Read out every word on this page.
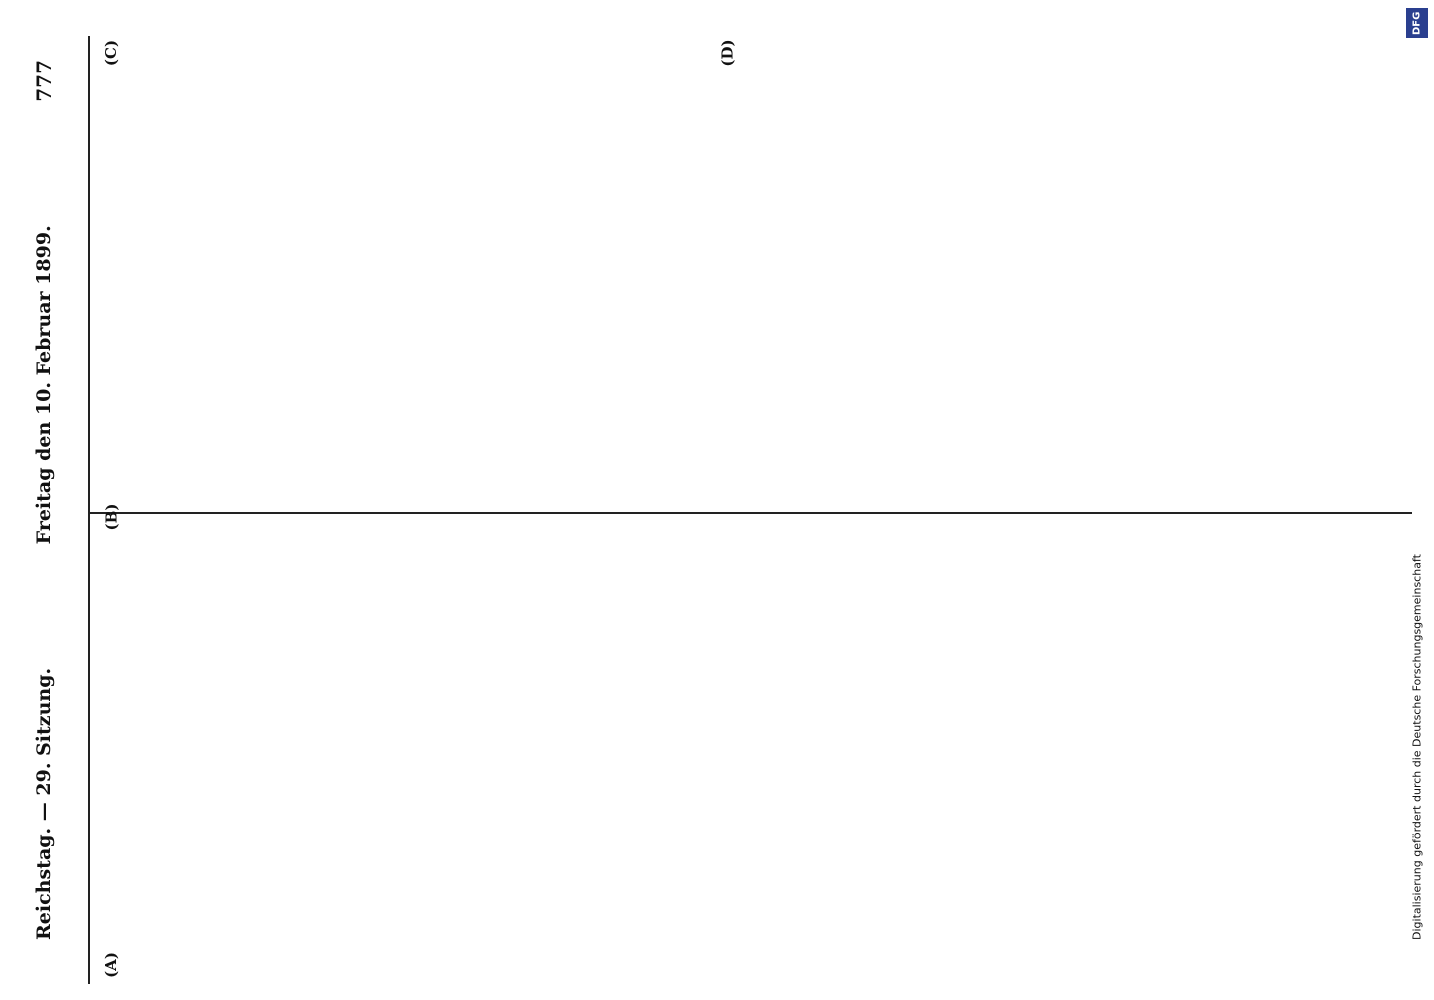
Reichstag. — 29. Sitzung.
Freitag den 10. Februar 1899.
777
(A)
(B)
(C)	(D)
DFG
Digitalisierung gefördert durch die Deutsche Forschungsgemeinschaft
